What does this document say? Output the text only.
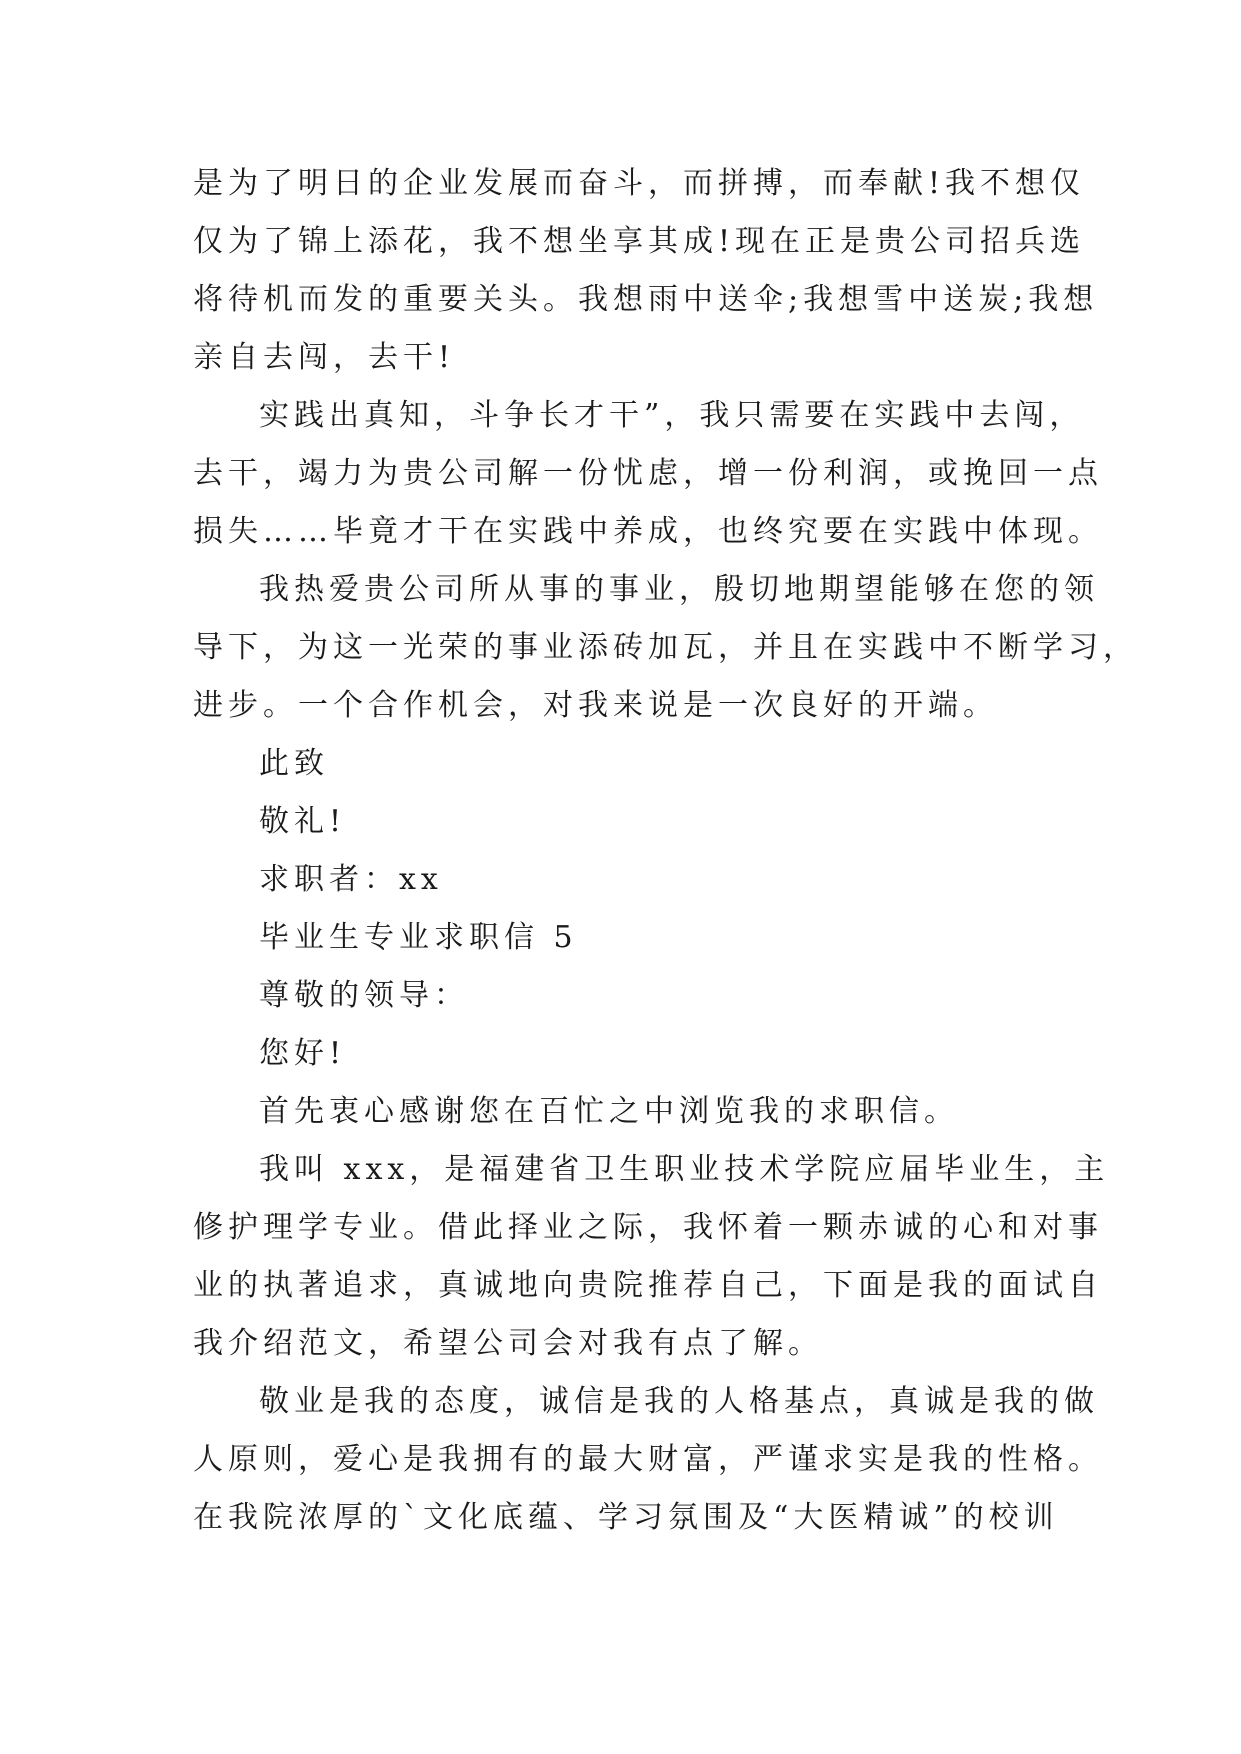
是为了明日的企业发展而奋斗，而拼搏，而奉献!我不想仅
仅为了锦上添花，我不想坐享其成!现在正是贵公司招兵选
将待机而发的重要关头。我想雨中送伞;我想雪中送炭;我想
亲自去闯，去干!
实践出真知，斗争长才干”，我只需要在实践中去闯，
去干，竭力为贵公司解一份忧虑，增一份利润，或挽回一点
损失……毕竟才干在实践中养成，也终究要在实践中体现。
我热爱贵公司所从事的事业，殷切地期望能够在您的领
导下，为这一光荣的事业添砖加瓦，并且在实践中不断学习，
进步。一个合作机会，对我来说是一次良好的开端。
此致
敬礼!
求职者：xx
毕业生专业求职信 5
尊敬的领导：
您好!
首先衷心感谢您在百忙之中浏览我的求职信。
我叫 xxx，是福建省卫生职业技术学院应届毕业生，主
修护理学专业。借此择业之际，我怀着一颗赤诚的心和对事
业的执著追求，真诚地向贵院推荐自己，下面是我的面试自
我介绍范文，希望公司会对我有点了解。
敬业是我的态度，诚信是我的人格基点，真诚是我的做
人原则，爱心是我拥有的最大财富，严谨求实是我的性格。
在我院浓厚的`文化底蕴、学习氛围及“大医精诚”的校训
